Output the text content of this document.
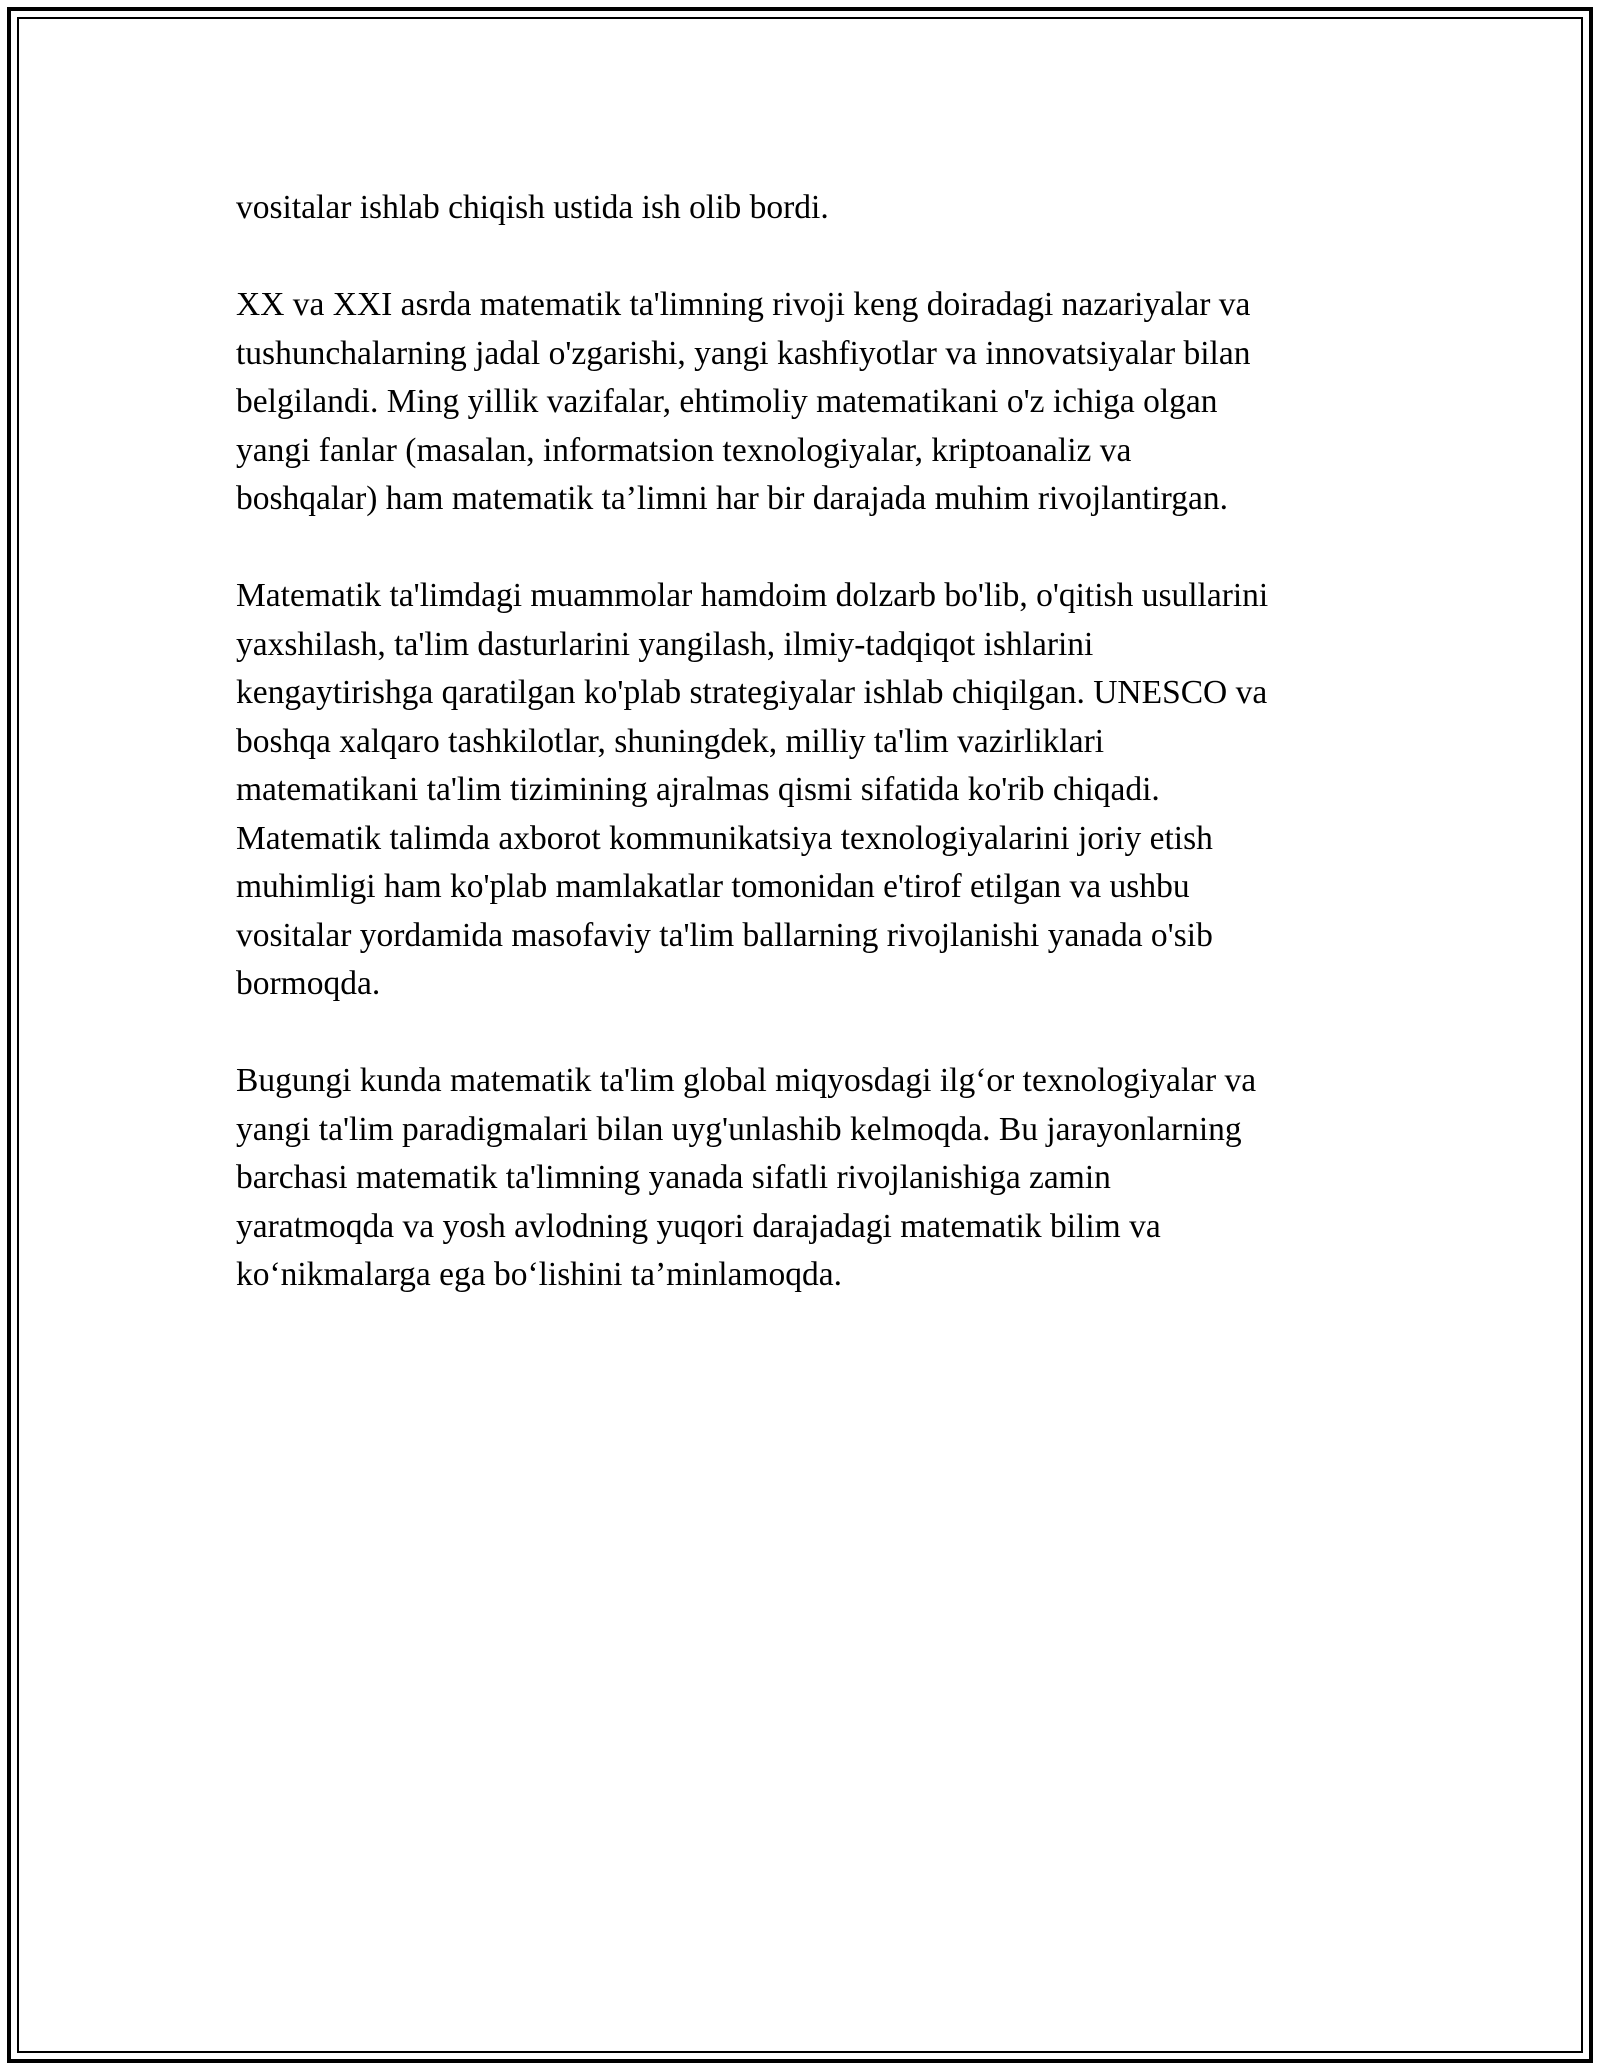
vositalar ishlab chiqish ustida ish olib bordi.

XX va XXI asrda matematik ta'limning rivoji keng doiradagi nazariyalar va
tushunchalarning jadal o'zgarishi, yangi kashfiyotlar va innovatsiyalar bilan
belgilandi. Ming yillik vazifalar, ehtimoliy matematikani o'z ichiga olgan
yangi fanlar (masalan, informatsion texnologiyalar, kriptoanaliz va
boshqalar) ham matematik ta’limni har bir darajada muhim rivojlantirgan.

Matematik ta'limdagi muammolar hamdoim dolzarb bo'lib, o'qitish usullarini
yaxshilash, ta'lim dasturlarini yangilash, ilmiy-tadqiqot ishlarini
kengaytirishga qaratilgan ko'plab strategiyalar ishlab chiqilgan. UNESCO va
boshqa xalqaro tashkilotlar, shuningdek, milliy ta'lim vazirliklari
matematikani ta'lim tizimining ajralmas qismi sifatida ko'rib chiqadi.
Matematik talimda axborot kommunikatsiya texnologiyalarini joriy etish
muhimligi ham ko'plab mamlakatlar tomonidan e'tirof etilgan va ushbu
vositalar yordamida masofaviy ta'lim ballarning rivojlanishi yanada o'sib
bormoqda.

Bugungi kunda matematik ta'lim global miqyosdagi ilg‘or texnologiyalar va
yangi ta'lim paradigmalari bilan uyg'unlashib kelmoqda. Bu jarayonlarning
barchasi matematik ta'limning yanada sifatli rivojlanishiga zamin
yaratmoqda va yosh avlodning yuqori darajadagi matematik bilim va
ko‘nikmalarga ega bo‘lishini ta’minlamoqda.
